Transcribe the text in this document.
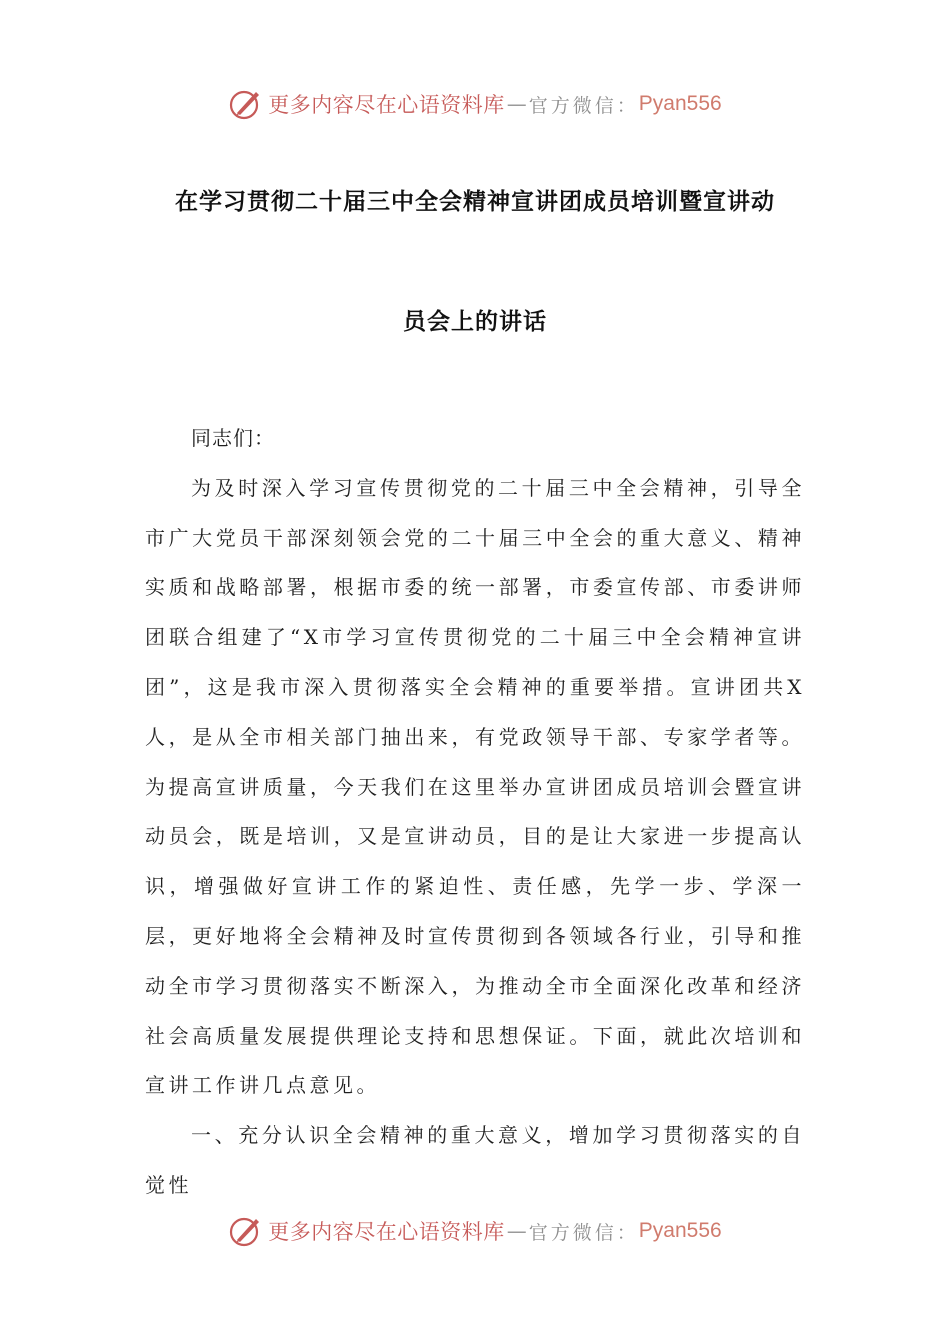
更多内容尽在心语资料库 — 官方微信： Pyan556
在学习贯彻二十届三中全会精神宣讲团成员培训暨宣讲动
员会上的讲话

同志们：

为及时深入学习宣传贯彻党的二十届三中全会精神，引导全市广大党员干部深刻领会党的二十届三中全会的重大意义、精神实质和战略部署，根据市委的统一部署，市委宣传部、市委讲师团联合组建了“X市学习宣传贯彻党的二十届三中全会精神宣讲团”，这是我市深入贯彻落实全会精神的重要举措。宣讲团共X人，是从全市相关部门抽出来，有党政领导干部、专家学者等。为提高宣讲质量，今天我们在这里举办宣讲团成员培训会暨宣讲动员会，既是培训，又是宣讲动员，目的是让大家进一步提高认识，增强做好宣讲工作的紧迫性、责任感，先学一步、学深一层，更好地将全会精神及时宣传贯彻到各领域各行业，引导和推动全市学习贯彻落实不断深入，为推动全市全面深化改革和经济社会高质量发展提供理论支持和思想保证。下面，就此次培训和宣讲工作讲几点意见。

一、充分认识全会精神的重大意义，增加学习贯彻落实的自觉性

更多内容尽在心语资料库 — 官方微信： Pyan556
